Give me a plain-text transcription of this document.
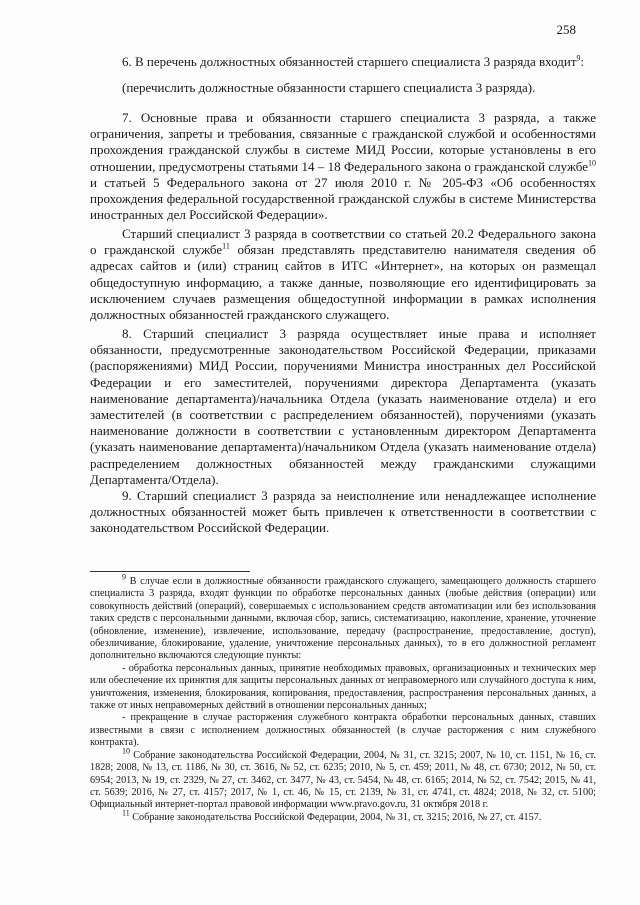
258

6. В перечень должностных обязанностей старшего специалиста 3 разряда входит$^9$:

(перечислить должностные обязанности старшего специалиста 3 разряда).

7. Основные права и обязанности старшего специалиста 3 разряда, а также ограничения, запреты и требования, связанные с гражданской службой и особенностями прохождения гражданской службы в системе МИД России, которые установлены в его отношении, предусмотрены статьями 14 – 18 Федерального закона о гражданской службе$^{10}$ и статьей 5 Федерального закона от 27 июля 2010 г. № 205-ФЗ «Об особенностях прохождения федеральной государственной гражданской службы в системе Министерства иностранных дел Российской Федерации».

Старший специалист 3 разряда в соответствии со статьей 20.2 Федерального закона о гражданской службе$^{11}$ обязан представлять представителю нанимателя сведения об адресах сайтов и (или) страниц сайтов в ИТС «Интернет», на которых он размещал общедоступную информацию, а также данные, позволяющие его идентифицировать за исключением случаев размещения общедоступной информации в рамках исполнения должностных обязанностей гражданского служащего.

8. Старший специалист 3 разряда осуществляет иные права и исполняет обязанности, предусмотренные законодательством Российской Федерации, приказами (распоряжениями) МИД России, поручениями Министра иностранных дел Российской Федерации и его заместителей, поручениями директора Департамента (указать наименование департамента)/начальника Отдела (указать наименование отдела) и его заместителей (в соответствии с распределением обязанностей), поручениями (указать наименование должности в соответствии с установленным директором Департамента (указать наименование департамента)/начальником Отдела (указать наименование отдела) распределением должностных обязанностей между гражданскими служащими Департамента/Отдела).

9. Старший специалист 3 разряда за неисполнение или ненадлежащее исполнение должностных обязанностей может быть привлечен к ответственности в соответствии с законодательством Российской Федерации.

$^9$ В случае если в должностные обязанности гражданского служащего, замещающего должность старшего специалиста 3 разряда, входят функции по обработке персональных данных (любые действия (операции) или совокупность действий (операций), совершаемых с использованием средств автоматизации или без использования таких средств с персональными данными, включая сбор, запись, систематизацию, накопление, хранение, уточнение (обновление, изменение), извлечение, использование, передачу (распространение, предоставление, доступ), обезличивание, блокирование, удаление, уничтожение персональных данных), то в его должностной регламент дополнительно включаются следующие пункты:

- обработка персональных данных, принятие необходимых правовых, организационных и технических мер или обеспечение их принятия для защиты персональных данных от неправомерного или случайного доступа к ним, уничтожения, изменения, блокирования, копирования, предоставления, распространения персональных данных, а также от иных неправомерных действий в отношении персональных данных;

- прекращение в случае расторжения служебного контракта обработки персональных данных, ставших известными в связи с исполнением должностных обязанностей (в случае расторжения с ним служебного контракта).

$^{10}$ Собрание законодательства Российской Федерации, 2004, № 31, ст. 3215; 2007, № 10, ст. 1151, № 16, ст. 1828; 2008, № 13, ст. 1186, № 30, ст. 3616, № 52, ст. 6235; 2010, № 5, ст. 459; 2011, № 48, ст. 6730; 2012, № 50, ст. 6954; 2013, № 19, ст. 2329, № 27, ст. 3462, ст. 3477, № 43, ст. 5454, № 48, ст. 6165; 2014, № 52, ст. 7542; 2015, № 41, ст. 5639; 2016, № 27, ст. 4157; 2017, № 1, ст. 46, № 15, ст. 2139, № 31, ст. 4741, ст. 4824; 2018, № 32, ст. 5100; Официальный интернет-портал правовой информации www.pravo.gov.ru, 31 октября 2018 г.

$^{11}$ Собрание законодательства Российской Федерации, 2004, № 31, ст. 3215; 2016, № 27, ст. 4157.
